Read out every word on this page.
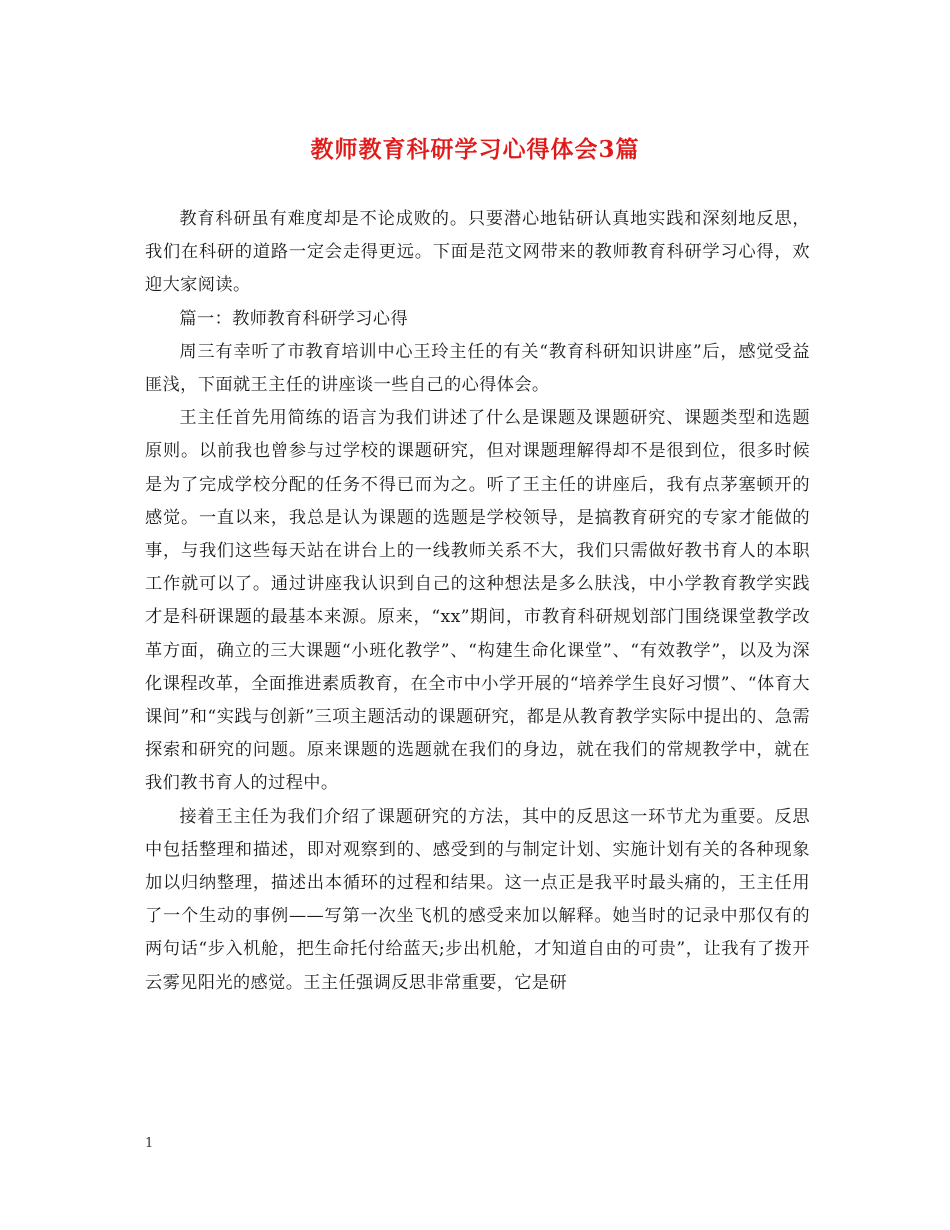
教师教育科研学习心得体会3篇

教育科研虽有难度却是不论成败的。只要潜心地钻研认真地实践和深刻地反思，我们在科研的道路一定会走得更远。下面是范文网带来的教师教育科研学习心得，欢迎大家阅读。

篇一：教师教育科研学习心得

周三有幸听了市教育培训中心王玲主任的有关“教育科研知识讲座”后，感觉受益匪浅，下面就王主任的讲座谈一些自己的心得体会。

王主任首先用简练的语言为我们讲述了什么是课题及课题研究、课题类型和选题原则。以前我也曾参与过学校的课题研究，但对课题理解得却不是很到位，很多时候是为了完成学校分配的任务不得已而为之。听了王主任的讲座后，我有点茅塞顿开的感觉。一直以来，我总是认为课题的选题是学校领导，是搞教育研究的专家才能做的事，与我们这些每天站在讲台上的一线教师关系不大，我们只需做好教书育人的本职工作就可以了。通过讲座我认识到自己的这种想法是多么肤浅，中小学教育教学实践才是科研课题的最基本来源。原来，“xx”期间，市教育科研规划部门围绕课堂教学改革方面，确立的三大课题“小班化教学”、“构建生命化课堂”、“有效教学”，以及为深化课程改革，全面推进素质教育，在全市中小学开展的“培养学生良好习惯”、“体育大课间”和“实践与创新”三项主题活动的课题研究，都是从教育教学实际中提出的、急需探索和研究的问题。原来课题的选题就在我们的身边，就在我们的常规教学中，就在我们教书育人的过程中。

接着王主任为我们介绍了课题研究的方法，其中的反思这一环节尤为重要。反思中包括整理和描述，即对观察到的、感受到的与制定计划、实施计划有关的各种现象加以归纳整理，描述出本循环的过程和结果。这一点正是我平时最头痛的，王主任用了一个生动的事例——写第一次坐飞机的感受来加以解释。她当时的记录中那仅有的两句话“步入机舱，把生命托付给蓝天;步出机舱，才知道自由的可贵”，让我有了拨开云雾见阳光的感觉。王主任强调反思非常重要，它是研

1
